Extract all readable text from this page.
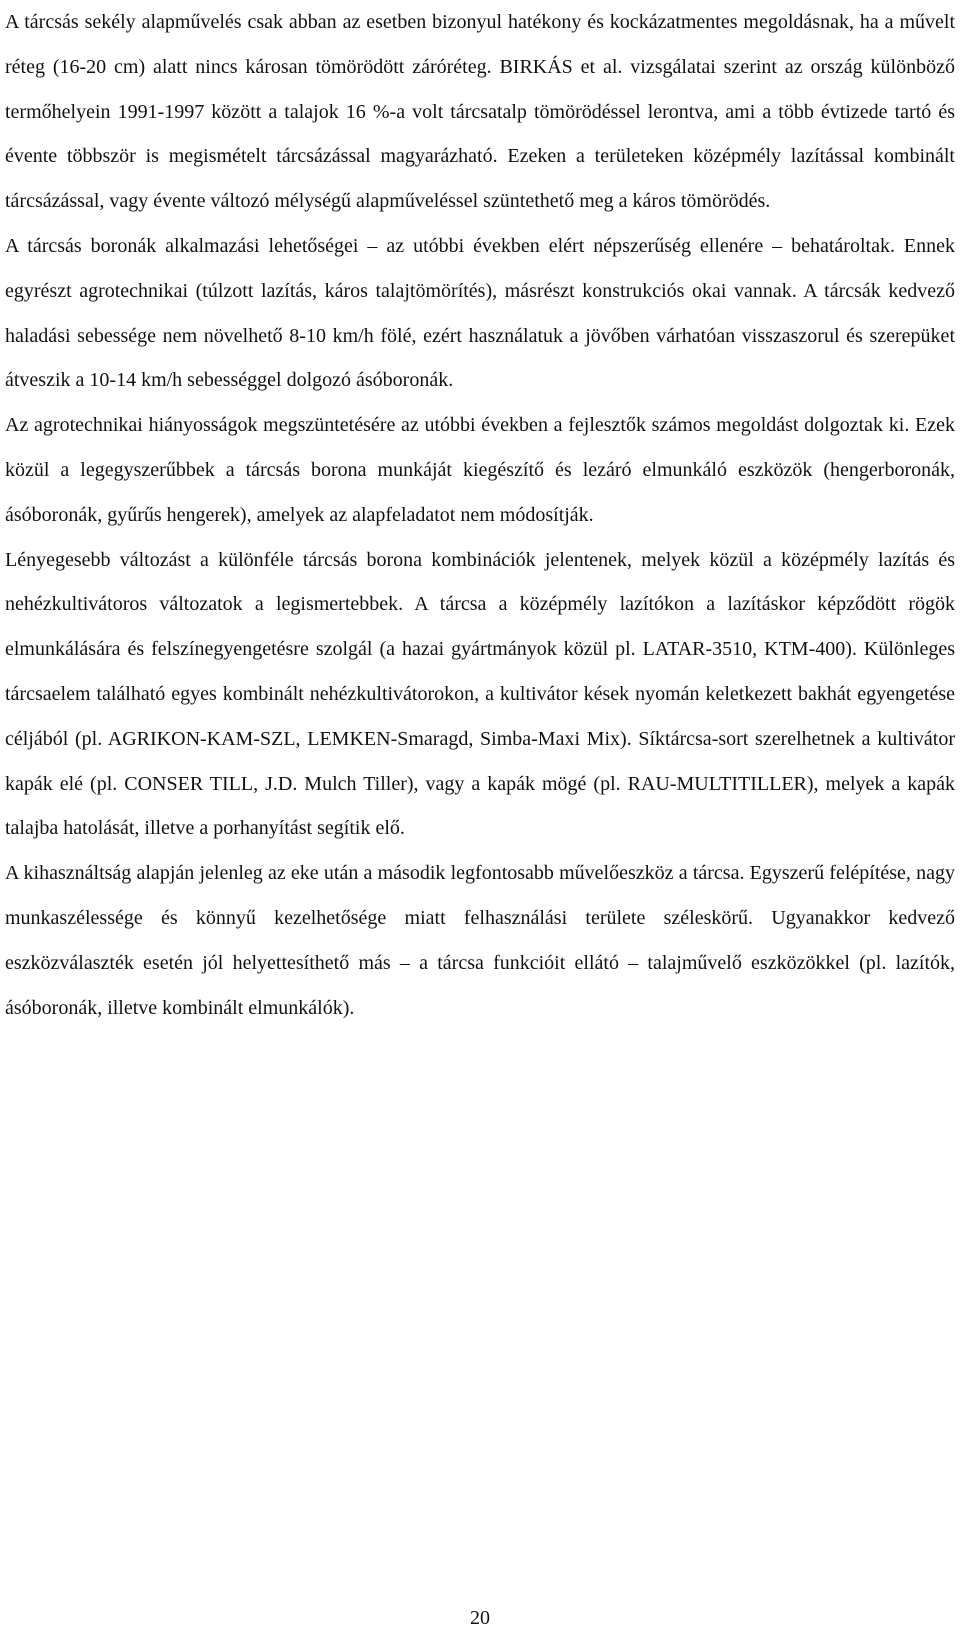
A tárcsás sekély alapművelés csak abban az esetben bizonyul hatékony és kockázatmentes megoldásnak, ha a művelt réteg (16-20 cm) alatt nincs károsan tömörödött záróréteg. BIRKÁS et al. vizsgálatai szerint az ország különböző termőhelyein 1991-1997 között a talajok 16 %-a volt tárcsatalp tömörödéssel lerontva, ami a több évtizede tartó és évente többször is megismételt tárcsázással magyarázható. Ezeken a területeken középmély lazítással kombinált tárcsázással, vagy évente változó mélységű alapműveléssel szüntethető meg a káros tömörödés.

A tárcsás boronák alkalmazási lehetőségei – az utóbbi években elért népszerűség ellenére – behatároltak. Ennek egyrészt agrotechnikai (túlzott lazítás, káros talajtömörítés), másrészt konstrukciós okai vannak. A tárcsák kedvező haladási sebessége nem növelhető 8-10 km/h fölé, ezért használatuk a jövőben várhatóan visszaszorul és szerepüket átveszik a 10-14 km/h sebességgel dolgozó ásóboronák.

Az agrotechnikai hiányosságok megszüntetésére az utóbbi években a fejlesztők számos megoldást dolgoztak ki. Ezek közül a legegyszerűbbek a tárcsás borona munkáját kiegészítő és lezáró elmunkáló eszközök (hengerboronák, ásóboronák, gyűrűs hengerek), amelyek az alapfeladatot nem módosítják.

Lényegesebb változást a különféle tárcsás borona kombinációk jelentenek, melyek közül a középmély lazítás és nehézkultivátoros változatok a legismertebbek. A tárcsa a középmély lazítókon a lazításkor képződött rögök elmunkálására és felszínegyengetésre szolgál (a hazai gyártmányok közül pl. LATAR-3510, KTM-400). Különleges tárcsaelem található egyes kombinált nehézkultivátorokon, a kultivátor kések nyomán keletkezett bakhát egyengetése céljából (pl. AGRIKON-KAM-SZL, LEMKEN-Smaragd, Simba-Maxi Mix). Síktárcsa-sort szerelhetnek a kultivátor kapák elé (pl. CONSER TILL, J.D. Mulch Tiller), vagy a kapák mögé (pl. RAU-MULTITILLER), melyek a kapák talajba hatolását, illetve a porhanyítást segítik elő.

A kihasználtság alapján jelenleg az eke után a második legfontosabb művelőeszköz a tárcsa. Egyszerű felépítése, nagy munkaszélessége és könnyű kezelhetősége miatt felhasználási területe széleskörű. Ugyanakkor kedvező eszközválaszték esetén jól helyettesíthető más – a tárcsa funkcióit ellátó – talajművelő eszközökkel (pl. lazítók, ásóboronák, illetve kombinált elmunkálók).

20
